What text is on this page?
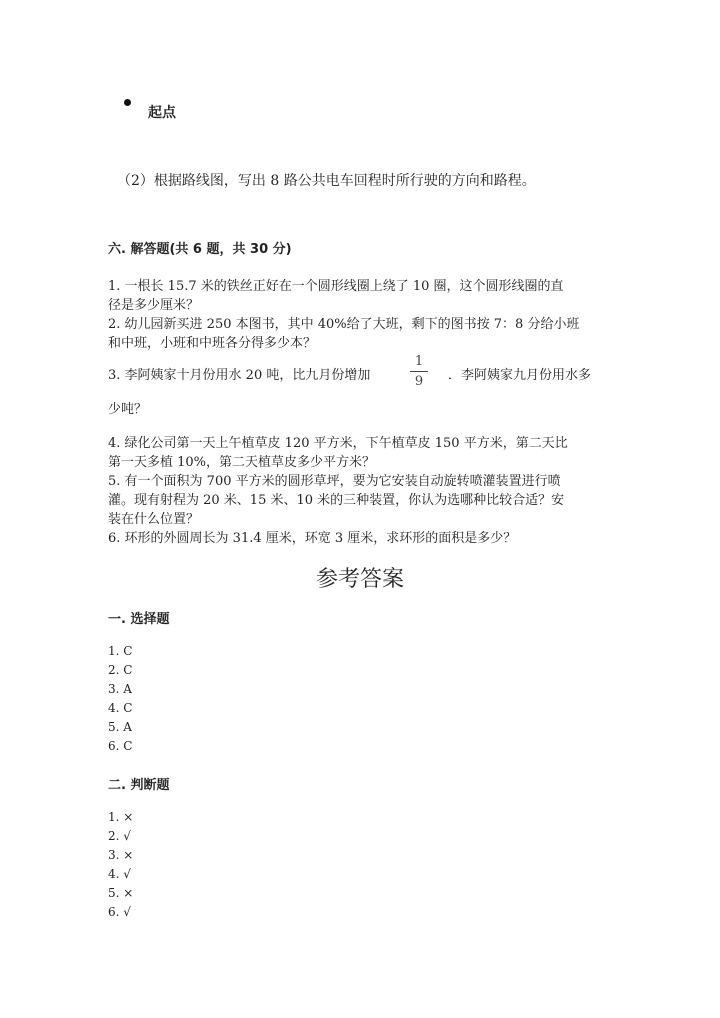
起点
（2）根据路线图，写出 8 路公共电车回程时所行驶的方向和路程。
六. 解答题(共 6 题，共 30 分)
1. 一根长 15.7 米的铁丝正好在一个圆形线圈上绕了 10 圈，这个圆形线圈的直
径是多少厘米？
2. 幼儿园新买进 250 本图书，其中 40%给了大班，剩下的图书按 7：8 分给小班
和中班，小班和中班各分得多少本？
3. 李阿姨家十月份用水 20 吨，比九月份增加
1
9	．李阿姨家九月份用水多
少吨？
4. 绿化公司第一天上午植草皮 120 平方米，下午植草皮 150 平方米，第二天比
第一天多植 10%，第二天植草皮多少平方米？
5. 有一个面积为 700 平方米的圆形草坪，要为它安装自动旋转喷灌装置进行喷
灌。现有射程为 20 米、15 米、10 米的三种装置，你认为选哪种比较合适？安
装在什么位置？
6. 环形的外圆周长为 31.4 厘米，环宽 3 厘米，求环形的面积是多少？
参考答案
一. 选择题
1. C
2. C
3. A
4. C
5. A
6. C
二. 判断题
1. ×
2. √
3. ×
4. √
5. ×
6. √
